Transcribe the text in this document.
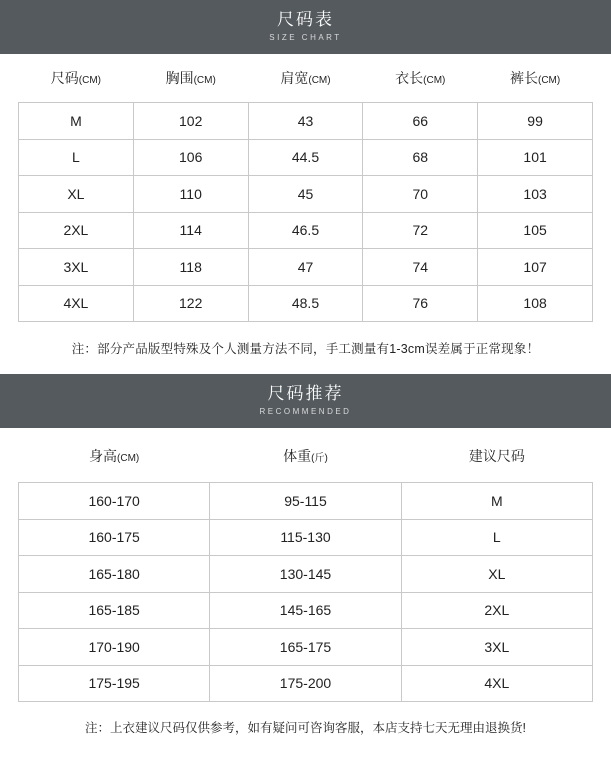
尺码表
SIZE CHART
尺码(CM)	胸围(CM)	肩宽(CM)	衣长(CM)	裤长(CM)
M	102	43	66	99
L	106	44.5	68	101
XL	110	45	70	103
2XL	114	46.5	72	105
3XL	118	47	74	107
4XL	122	48.5	76	108
注：部分产品版型特殊及个人测量方法不同，手工测量有1-3cm误差属于正常现象！
尺码推荐
RECOMMENDED
身高(CM)	体重(斤)	建议尺码
160-170	95-115	M
160-175	115-130	L
165-180	130-145	XL
165-185	145-165	2XL
170-190	165-175	3XL
175-195	175-200	4XL
注：上衣建议尺码仅供参考，如有疑问可咨询客服，本店支持七天无理由退换货!
